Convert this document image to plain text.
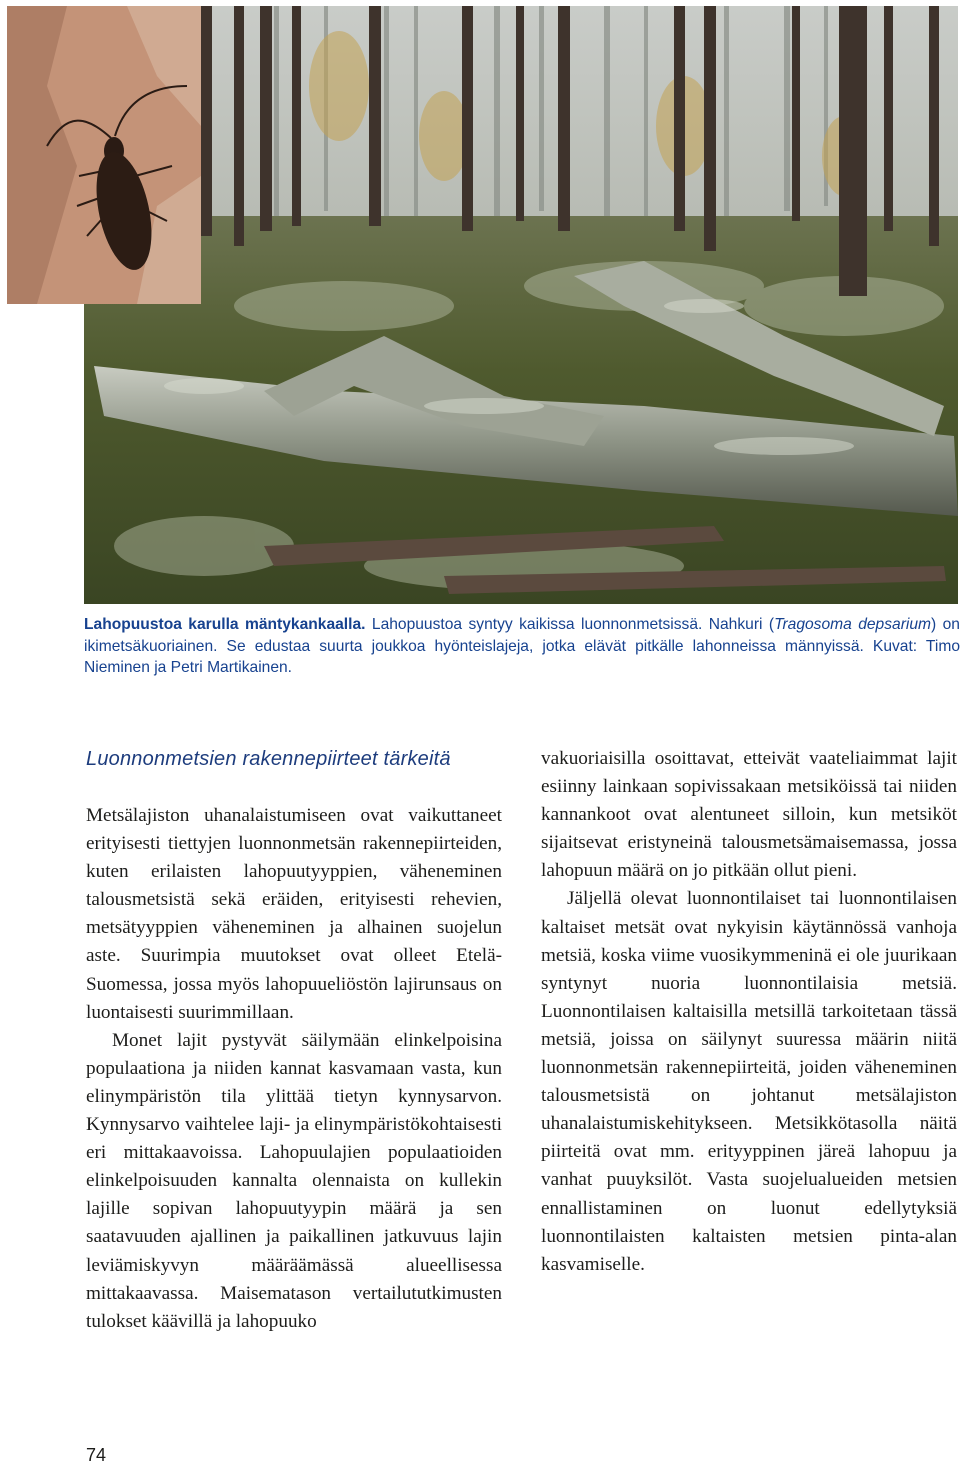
Lahopuustoa karulla mäntykankaalla. Lahopuustoa syntyy kaikissa luonnonmetsissä. Nahkuri (Tragosoma depsarium) on ikimetsäkuoriainen. Se edustaa suurta joukkoa hyönteislajeja, jotka elävät pitkälle lahonneissa männyissä. Kuvat: Timo Nieminen ja Petri Martikainen.
Luonnonmetsien rakennepiirteet tärkeitä

Metsälajiston uhanalaistumiseen ovat vaikuttaneet erityisesti tiettyjen luonnonmetsän rakennepiirteiden, kuten erilaisten lahopuutyyppien, väheneminen talousmetsistä sekä eräiden, erityisesti rehevien, metsätyyppien väheneminen ja alhainen suojelun aste. Suurimpia muutokset ovat olleet Etelä-Suomessa, jossa myös lahopuueliöstön lajirunsaus on luontaisesti suurimmillaan.

Monet lajit pystyvät säilymään elinkelpoisina populaationa ja niiden kannat kasvamaan vasta, kun elinympäristön tila ylittää tietyn kynnysarvon. Kynnysarvo vaihtelee laji- ja elinympäristökohtaisesti eri mittakaavoissa. Lahopuulajien populaatioiden elinkelpoisuuden kannalta olennaista on kullekin lajille sopivan lahopuutyypin määrä ja sen saatavuuden ajallinen ja paikallinen jatkuvuus lajin leviämiskyvyn määräämässä alueellisessa mittakaavassa. Maisematason vertailututkimusten tulokset käävillä ja lahopuuko

vakuoriaisilla osoittavat, etteivät vaateliaimmat lajit esiinny lainkaan sopivissakaan metsiköissä tai niiden kannankoot ovat alentuneet silloin, kun metsiköt sijaitsevat eristyneinä talousmetsämaisemassa, jossa lahopuun määrä on jo pitkään ollut pieni.

Jäljellä olevat luonnontilaiset tai luonnontilaisen kaltaiset metsät ovat nykyisin käytännössä vanhoja metsiä, koska viime vuosikymmeninä ei ole juurikaan syntynyt nuoria luonnontilaisia metsiä. Luonnontilaisen kaltaisilla metsillä tarkoitetaan tässä metsiä, joissa on säilynyt suuressa määrin niitä luonnonmetsän rakennepiirteitä, joiden väheneminen talousmetsistä on johtanut metsälajiston uhanalaistumiskehitykseen. Metsikkötasolla näitä piirteitä ovat mm. erityyppinen järeä lahopuu ja vanhat puuyksilöt. Vasta suojelualueiden metsien ennallistaminen on luonut edellytyksiä luonnontilaisten kaltaisten metsien pinta-alan kasvamiselle.

74
